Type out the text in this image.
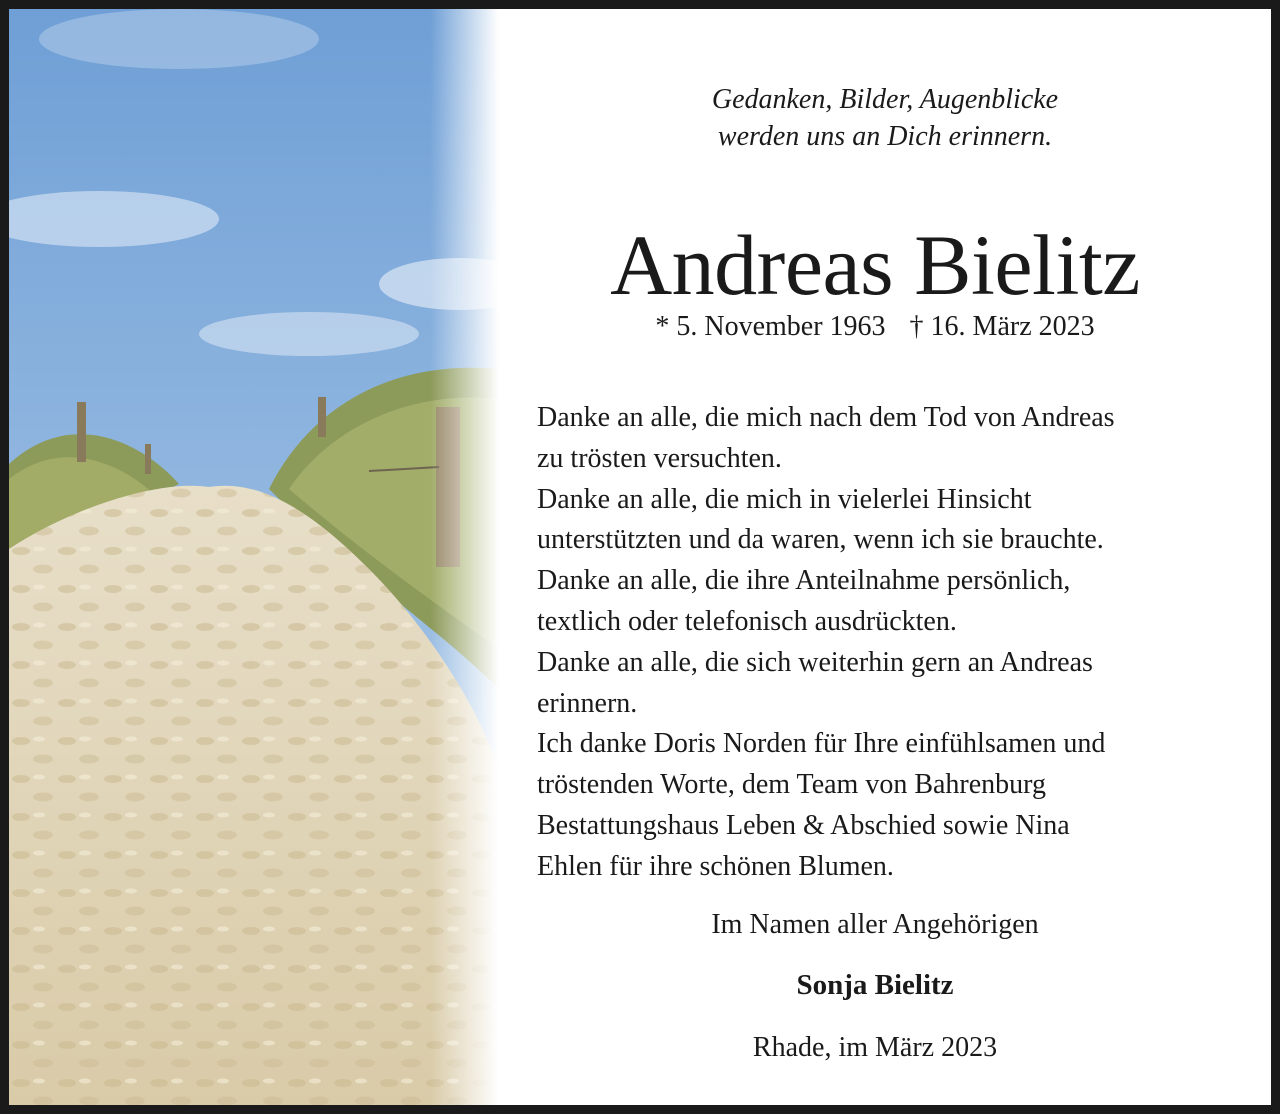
Gedanken, Bilder, Augenblicke
werden uns an Dich erinnern.
Andreas Bielitz
* 5. November 1963 † 16. März 2023
Danke an alle, die mich nach dem Tod von Andreas
zu trösten versuchten.
Danke an alle, die mich in vielerlei Hinsicht
unterstützten und da waren, wenn ich sie brauchte.
Danke an alle, die ihre Anteilnahme persönlich,
textlich oder telefonisch ausdrückten.
Danke an alle, die sich weiterhin gern an Andreas
erinnern.
Ich danke Doris Norden für Ihre einfühlsamen und
tröstenden Worte, dem Team von Bahrenburg
Bestattungshaus Leben & Abschied sowie Nina
Ehlen für ihre schönen Blumen.
Im Namen aller Angehörigen
Sonja Bielitz
Rhade, im März 2023
